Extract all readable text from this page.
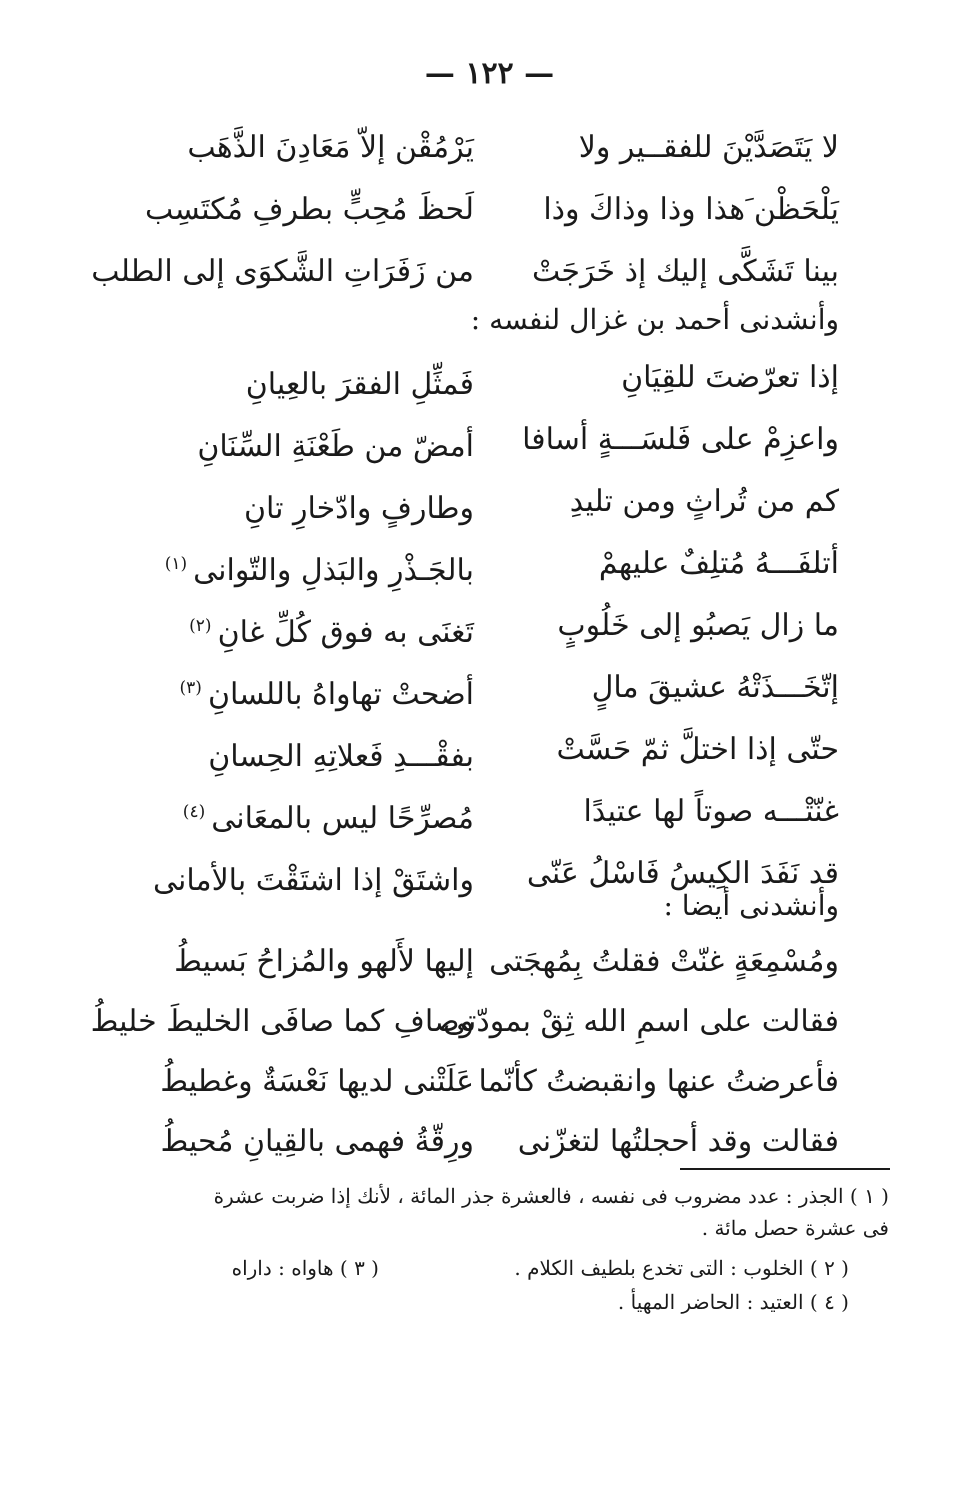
— ١٢٢ —
لا يَتَصَدَّيْنَ للفقــير ولا
يَرْمُقْن إلاّ مَعَادِنَ الذَّهَب
يَلْحَظْن َهذا وذا وذاكَ وذا
لَحظَ مُحِبٍّ بطرفِ مُكتَسِب
بينا تَشَكَّى إليك إذ خَرَجَتْ
من زَفَرَاتِ الشَّكوَى إلى الطلب
وأنشدنى أحمد بن غزال لنفسه :
إذا تعرّضتَ للقِيَانِ
فَمثِّلِ الفقرَ بالعِيانِ
واعزِمْ على فَلسَـــةٍ أسافا
أمضّ من طَعْنَةِ السِّنَانِ
كم من تُراثٍ ومن تليدِ
وطارفٍ وادّخارِ تانِ
أتلفَـــهُ مُتلِفٌ عليهمْ
بالجَـذْرِ والبَذلِ والتّوانى$^{(١)}$
ما زال يَصبُو إلى خَلُوبٍ
تَغنَى به فوق كُلِّ غانِ$^{(٢)}$
إتّخَـــذَتْهُ عشيقَ مالٍ
أضحتْ تهاواهُ باللسانِ$^{(٣)}$
حتّى إذا اختلَّ ثمّ حَسَّتْ
بفقْـــدِ فَعلاتِهِ الحِسانِ
غنّتْـــه صوتاً لها عتيدًا
مُصرِّحًا ليس بالمعَانى$^{(٤)}$
قد نَفَدَ الكِيسُ فَاسْلُ عَنّى
واشتَقْ إذا اشتَقْتَ بالأمانى
وأنشدنى أيضا :
ومُسْمِعَةٍ غنّتْ فقلتُ بِمُهجَتى
إليها لأَلهو والمُزاحُ بَسيطُ
فقالت على اسمِ الله ثِقْ بمودّتى
وصافِ كما صافَى الخليطَ خليطُ
فأعرضتُ عنها وانقبضتُ كأنّما
عَلَتْنى لديها نَعْسَةٌ وغطيطُ
فقالت وقد أحجلتُها لتغزّنى
ورِقّةُ فهمى بالقِيانِ مُحيطُ
( ١ ) الجذر : عدد مضروب فى نفسه ، فالعشرة جذر المائة ، لأنك إذا ضربت عشرة
فى عشرة حصل مائة .
( ٢ ) الخلوب : التى تخدع بلطيف الكلام .
( ٣ ) هاواه : داراه
( ٤ ) العتيد : الحاضر المهيأ .
